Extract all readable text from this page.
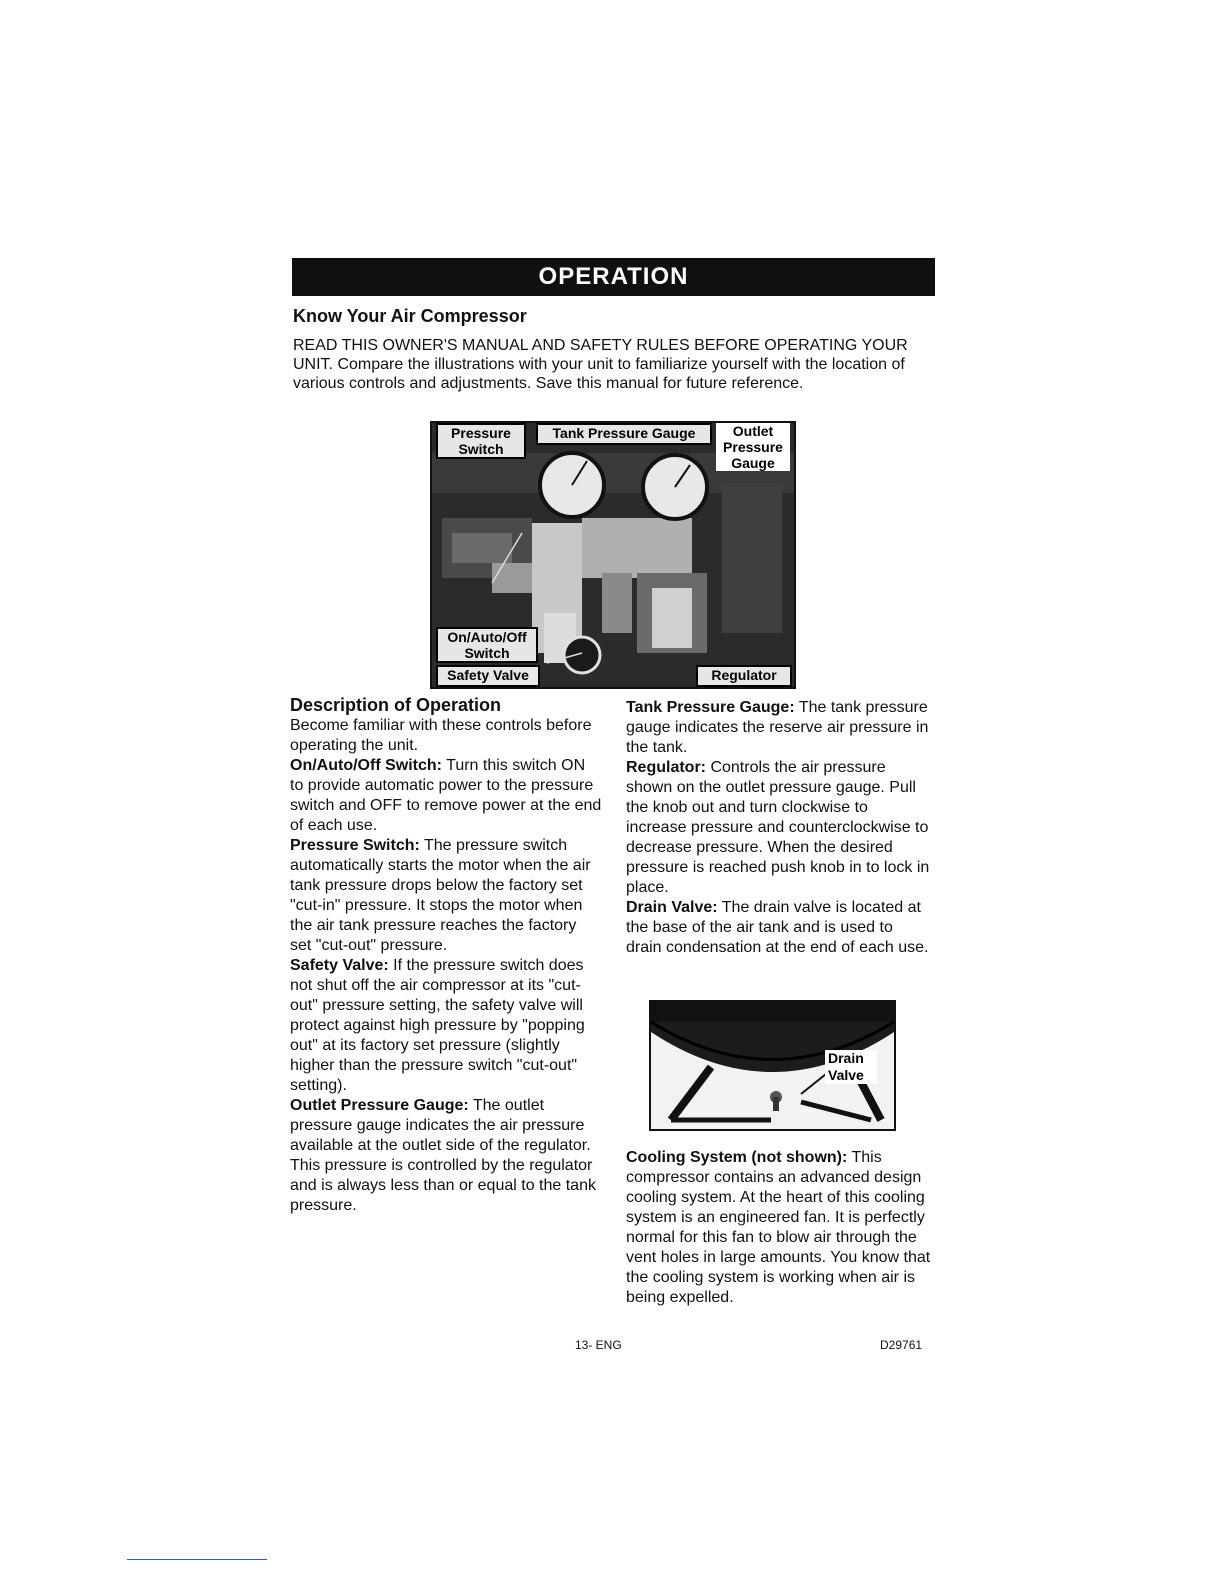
OPERATION
Know Your Air Compressor
READ THIS OWNER'S MANUAL AND SAFETY RULES BEFORE OPERATING YOUR UNIT. Compare the illustrations with your unit to familiarize yourself with the location of various controls and adjustments. Save this manual for future reference.
Pressure Switch
Tank Pressure Gauge	Outlet Pressure Gauge
On/Auto/Off Switch
Safety Valve	Regulator

Description of Operation

Become familiar with these controls before operating the unit.

On/Auto/Off Switch: Turn this switch ON to provide automatic power to the pressure switch and OFF to remove power at the end of each use.

Pressure Switch: The pressure switch automatically starts the motor when the air tank pressure drops below the factory set "cut-in" pressure. It stops the motor when the air tank pressure reaches the factory set "cut-out" pressure.

Safety Valve: If the pressure switch does not shut off the air compressor at its "cut-out" pressure setting, the safety valve will protect against high pressure by "popping out" at its factory set pressure (slightly higher than the pressure switch "cut-out" setting).

Outlet Pressure Gauge: The outlet pressure gauge indicates the air pressure available at the outlet side of the regulator. This pressure is controlled by the regulator and is always less than or equal to the tank pressure.

Tank Pressure Gauge: The tank pressure gauge indicates the reserve air pressure in the tank.

Regulator: Controls the air pressure shown on the outlet pressure gauge. Pull the knob out and turn clockwise to increase pressure and counterclockwise to decrease pressure. When the desired pressure is reached push knob in to lock in place.

Drain Valve: The drain valve is located at the base of the air tank and is used to drain condensation at the end of each use.

Drain Valve

Cooling System (not shown): This compressor contains an advanced design cooling system. At the heart of this cooling system is an engineered fan. It is perfectly normal for this fan to blow air through the vent holes in large amounts. You know that the cooling system is working when air is being expelled.

13- ENG	D29761
